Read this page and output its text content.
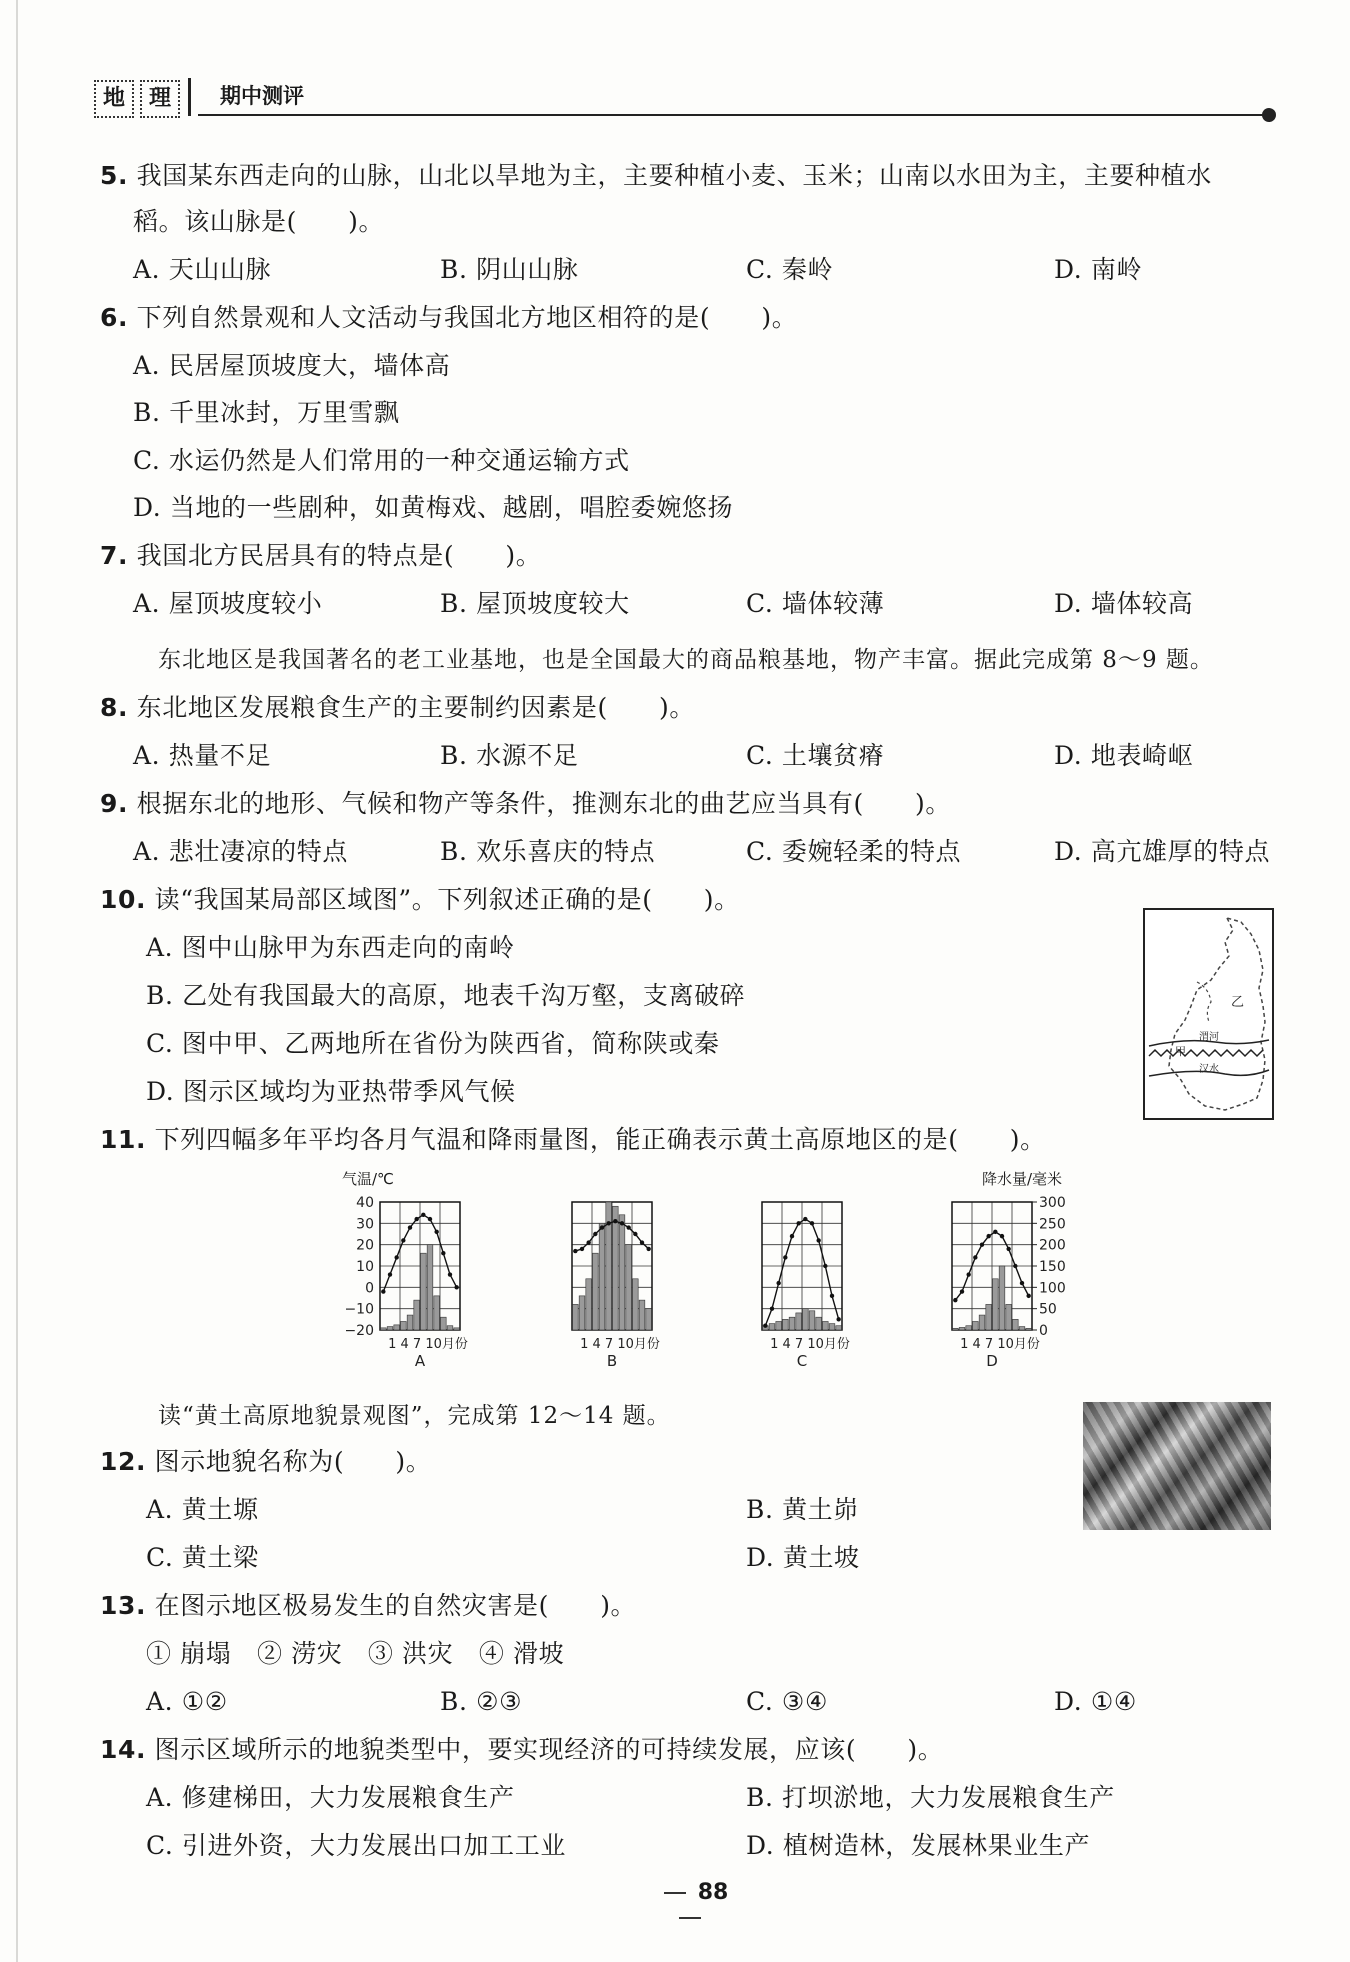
地	理	期中测评
5. 我国某东西走向的山脉，山北以旱地为主，主要种植小麦、玉米；山南以水田为主，主要种植水
稻。该山脉是(　　)。
A. 天山山脉	B. 阴山山脉	C. 秦岭	D. 南岭
6. 下列自然景观和人文活动与我国北方地区相符的是(　　)。
A. 民居屋顶坡度大，墙体高
B. 千里冰封，万里雪飘
C. 水运仍然是人们常用的一种交通运输方式
D. 当地的一些剧种，如黄梅戏、越剧，唱腔委婉悠扬
7. 我国北方民居具有的特点是(　　)。
A. 屋顶坡度较小	B. 屋顶坡度较大	C. 墙体较薄	D. 墙体较高
东北地区是我国著名的老工业基地，也是全国最大的商品粮基地，物产丰富。据此完成第 8～9 题。
8. 东北地区发展粮食生产的主要制约因素是(　　)。
A. 热量不足	B. 水源不足	C. 土壤贫瘠	D. 地表崎岖
9. 根据东北的地形、气候和物产等条件，推测东北的曲艺应当具有(　　)。
A. 悲壮凄凉的特点	B. 欢乐喜庆的特点	C. 委婉轻柔的特点	D. 高亢雄厚的特点
10. 读“我国某局部区域图”。下列叙述正确的是(　　)。
A. 图中山脉甲为东西走向的南岭
B. 乙处有我国最大的高原，地表千沟万壑，支离破碎
C. 图中甲、乙两地所在省份为陕西省，简称陕或秦
D. 图示区域均为亚热带季风气候
乙
渭河
甲
汉水
11. 下列四幅多年平均各月气温和降雨量图，能正确表示黄土高原地区的是(　　)。
气温/℃	降水量/毫米
40
30
20
10
0
−10
−20
300
250
200
150
100
50
0
1 4 7 10月份
A
1 4 7 10月份
B
1 4 7 10月份
C
1 4 7 10月份
D
读“黄土高原地貌景观图”，完成第 12～14 题。
12. 图示地貌名称为(　　)。
A. 黄土塬	B. 黄土峁
C. 黄土梁	D. 黄土坡
13. 在图示地区极易发生的自然灾害是(　　)。
① 崩塌　② 涝灾　③ 洪灾　④ 滑坡
A. ①②	B. ②③	C. ③④	D. ①④
14. 图示区域所示的地貌类型中，要实现经济的可持续发展，应该(　　)。
A. 修建梯田，大力发展粮食生产	B. 打坝淤地，大力发展粮食生产
C. 引进外资，大力发展出口加工工业	D. 植树造林，发展林果业生产
88
